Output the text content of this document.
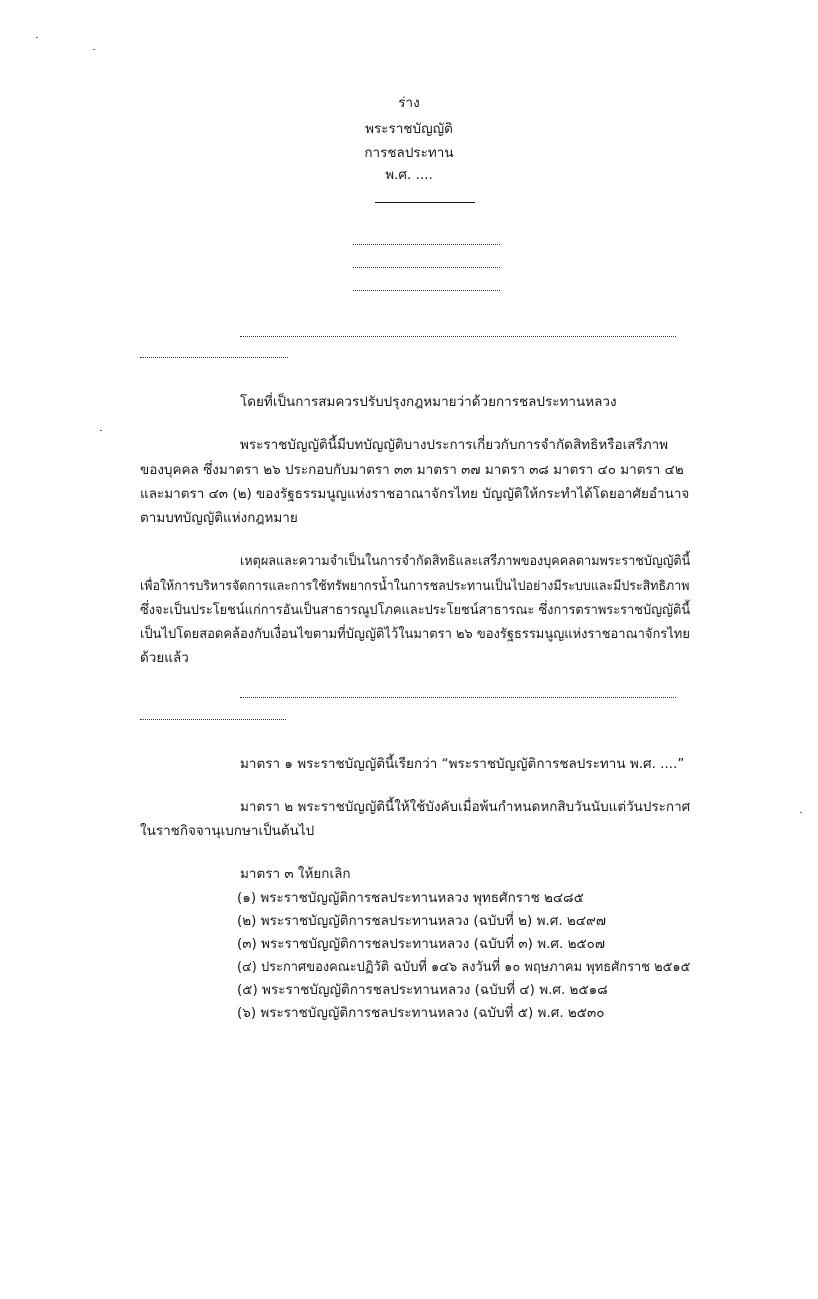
ร่าง
พระราชบัญญัติ
การชลประทาน
พ.ศ. ....
โดยที่เป็นการสมควรปรับปรุงกฎหมายว่าด้วยการชลประทานหลวง
พระราชบัญญัตินี้มีบทบัญญัติบางประการเกี่ยวกับการจำกัดสิทธิหรือเสรีภาพ
ของบุคคล ซึ่งมาตรา ๒๖ ประกอบกับมาตรา ๓๓ มาตรา ๓๗ มาตรา ๓๘ มาตรา ๔๐ มาตรา ๔๒
และมาตรา ๔๓ (๒) ของรัฐธรรมนูญแห่งราชอาณาจักรไทย บัญญัติให้กระทำได้โดยอาศัยอำนาจ
ตามบทบัญญัติแห่งกฎหมาย
เหตุผลและความจำเป็นในการจำกัดสิทธิและเสรีภาพของบุคคลตามพระราชบัญญัตินี้
เพื่อให้การบริหารจัดการและการใช้ทรัพยากรน้ำในการชลประทานเป็นไปอย่างมีระบบและมีประสิทธิภาพ
ซึ่งจะเป็นประโยชน์แก่การอันเป็นสาธารณูปโภคและประโยชน์สาธารณะ ซึ่งการตราพระราชบัญญัตินี้
เป็นไปโดยสอดคล้องกับเงื่อนไขตามที่บัญญัติไว้ในมาตรา ๒๖ ของรัฐธรรมนูญแห่งราชอาณาจักรไทย
ด้วยแล้ว
มาตรา ๑ พระราชบัญญัตินี้เรียกว่า “พระราชบัญญัติการชลประทาน พ.ศ. ....”
มาตรา ๒ พระราชบัญญัตินี้ให้ใช้บังคับเมื่อพ้นกำหนดหกสิบวันนับแต่วันประกาศ
ในราชกิจจานุเบกษาเป็นต้นไป
มาตรา ๓ ให้ยกเลิก
(๑) พระราชบัญญัติการชลประทานหลวง พุทธศักราช ๒๔๘๕
(๒) พระราชบัญญัติการชลประทานหลวง (ฉบับที่ ๒) พ.ศ. ๒๔๙๗
(๓) พระราชบัญญัติการชลประทานหลวง (ฉบับที่ ๓) พ.ศ. ๒๕๐๗
(๔) ประกาศของคณะปฏิวัติ ฉบับที่ ๑๔๖ ลงวันที่ ๑๐ พฤษภาคม พุทธศักราช ๒๕๑๕
(๕) พระราชบัญญัติการชลประทานหลวง (ฉบับที่ ๔) พ.ศ. ๒๕๑๘
(๖) พระราชบัญญัติการชลประทานหลวง (ฉบับที่ ๕) พ.ศ. ๒๕๓๐
